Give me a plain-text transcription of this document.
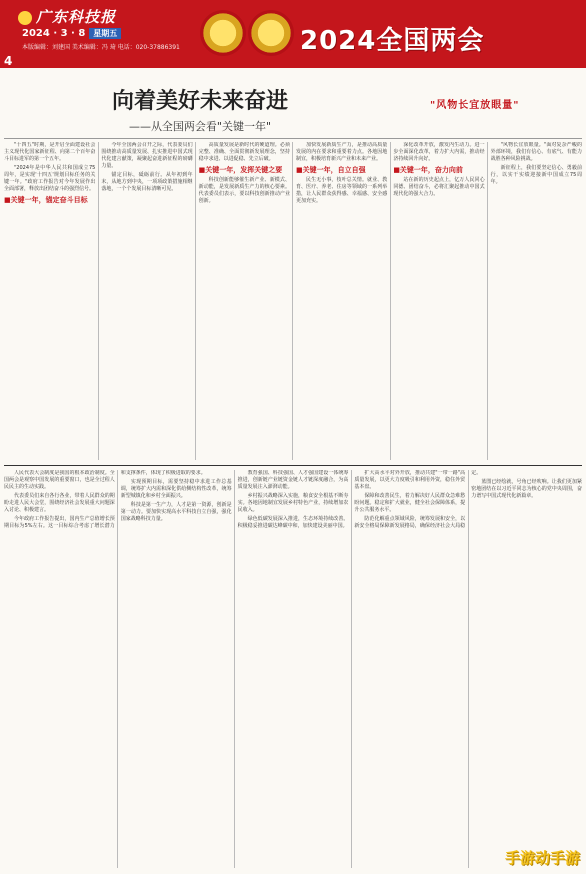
广东科技报
2024 · 3 · 8 星期五
本版编辑：刘建国 美术编辑：冯 琦 电话：020-37886391
4
2024全国两会
向着美好未来奋进
——从全国两会看"关键一年"
"风物长宜放眼量"

"十四五"时期，是开启全面建设社会主义现代化国家新征程、向第二个百年奋斗目标进军的第一个五年。

"2024年是中华人民共和国成立75周年，是实现'十四五'规划目标任务的关键一年。"政府工作报告对今年发展作出全面部署，释放出团结奋斗的强烈信号。

■关键一年，锚定奋斗目标

今年全国两会召开之际，代表委员们围绕推动高质量发展、扎实推进中国式现代化建言献策，凝聚起奋进新征程的磅礴力量。

锚定目标，砥砺前行。从年初到年末，从地方到中央，一项项政策措施相继落地，一个个发展目标清晰可见。

高质量发展是新时代的硬道理。必须完整、准确、全面贯彻新发展理念，坚持稳中求进、以进促稳、先立后破。

■关键一年，发挥关键之要

科技创新能够催生新产业、新模式、新动能，是发展新质生产力的核心要素。代表委员们表示，要以科技创新推动产业创新。

加快发展新质生产力，是推动高质量发展的内在要求和重要着力点。各地因地制宜，积极培育新兴产业和未来产业。

■关键一年，自立自强

民生无小事，枝叶总关情。就业、教育、医疗、养老、住房等领域的一系列举措，让人民群众获得感、幸福感、安全感更加充实。

深化改革开放，激发内生动力。进一步全面深化改革，着力扩大内需，推动经济持续回升向好。

■关键一年，奋力向前

站在新的历史起点上，亿万人民同心同德、团结奋斗，必将汇聚起推动中国式现代化的强大合力。

"风物长宜放眼量。"面对复杂严峻的外部环境，我们有信心、有底气、有能力战胜各种风险挑战。

新征程上，我们要坚定信心、勇毅前行，以实干实绩迎接新中国成立75周年。

人民代表大会制度是我国的根本政治制度。全国两会是观察中国发展的重要窗口，也是全过程人民民主的生动实践。

代表委员们来自各行各业，带着人民群众的期盼走进人民大会堂，围绕经济社会发展重大问题深入讨论、积极建言。

今年政府工作报告提出，国内生产总值增长预期目标为5%左右。这一目标综合考虑了增长潜力和支撑条件，体现了积极进取的要求。

实现预期目标，需要坚持稳中求进工作总基调，统筹扩大内需和深化供给侧结构性改革，统筹新型城镇化和乡村全面振兴。

科技是第一生产力，人才是第一资源，创新是第一动力。要加快实现高水平科技自立自强，强化国家战略科技力量。

教育强国、科技强国、人才强国建设一体统筹推进，创新链产业链资金链人才链深度融合，为高质量发展注入澎湃动能。

乡村振兴战略深入实施，粮食安全根基不断夯实。各地因地制宜发展乡村特色产业，持续增加农民收入。

绿色低碳发展深入推进，生态环境持续改善。积极稳妥推进碳达峰碳中和，加快建设美丽中国。

扩大高水平对外开放，推动共建"一带一路"高质量发展，以更大力度吸引和利用外资，稳住外贸基本盘。

保障和改善民生，着力解决好人民群众急难愁盼问题。稳定和扩大就业，健全社会保障体系，提升公共服务水平。

防范化解重点领域风险，统筹发展和安全，以新安全格局保障新发展格局，确保经济社会大局稳定。

蓝图已经绘就，号角已经吹响。让我们更加紧密地团结在以习近平同志为核心的党中央周围，奋力谱写中国式现代化新篇章。

手游动手游
